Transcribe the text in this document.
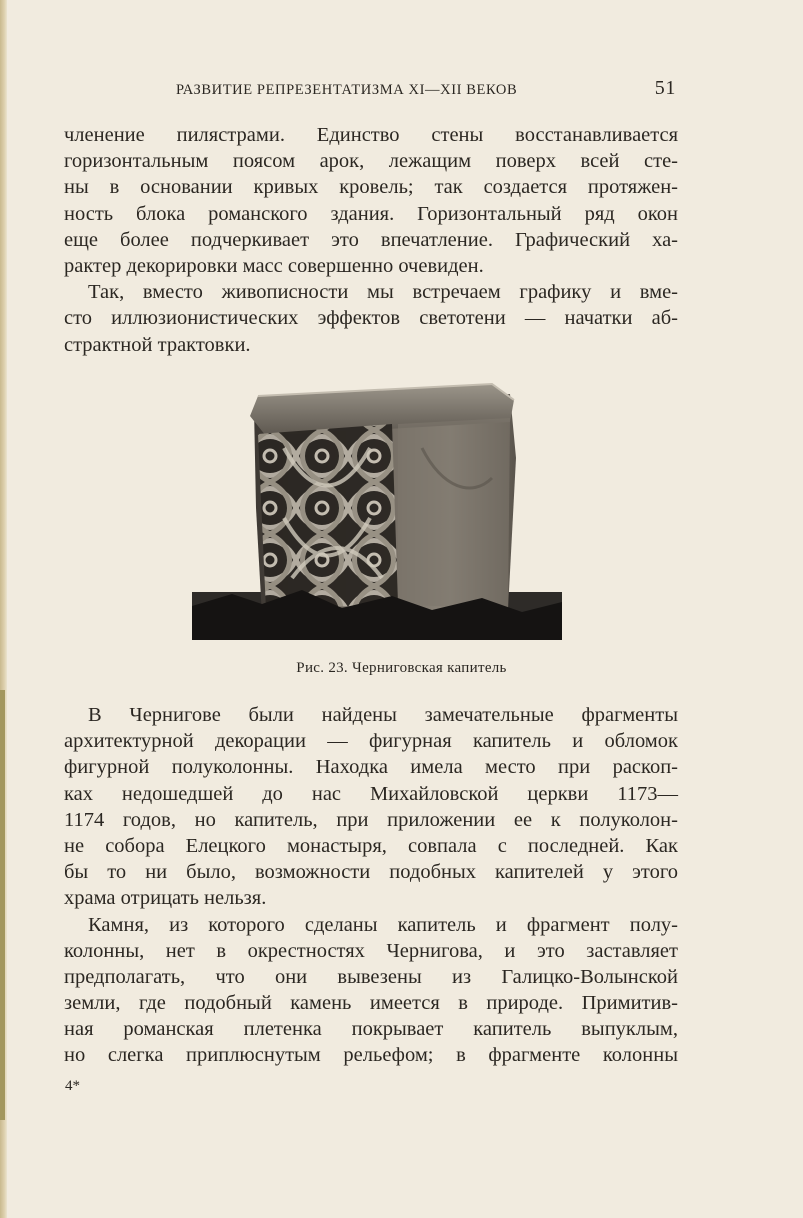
РАЗВИТИЕ РЕПРЕЗЕНТАТИЗМА XI—XII ВЕКОВ	51
членение пилястрами. Единство стены восстанавливается
горизонтальным поясом арок, лежащим поверх всей сте-
ны в основании кривых кровель; так создается протяжен-
ность блока романского здания. Горизонтальный ряд окон
еще более подчеркивает это впечатление. Графический ха-
рактер декорировки масс совершенно очевиден.
Так, вместо живописности мы встречаем графику и вме-
сто иллюзионистических эффектов светотени — начатки аб-
страктной трактовки.
Рис. 23. Черниговская капитель
В Чернигове были найдены замечательные фрагменты
архитектурной декорации — фигурная капитель и обломок
фигурной полуколонны. Находка имела место при раскоп-
ках недошедшей до нас Михайловской церкви 1173—
1174 годов, но капитель, при приложении ее к полуколон-
не собора Елецкого монастыря, совпала с последней. Как
бы то ни было, возможности подобных капителей у этого
храма отрицать нельзя.
Камня, из которого сделаны капитель и фрагмент полу-
колонны, нет в окрестностях Чернигова, и это заставляет
предполагать, что они вывезены из Галицко-Волынской
земли, где подобный камень имеется в природе. Примитив-
ная романская плетенка покрывает капитель выпуклым,
но слегка приплюснутым рельефом; в фрагменте колонны
4*
